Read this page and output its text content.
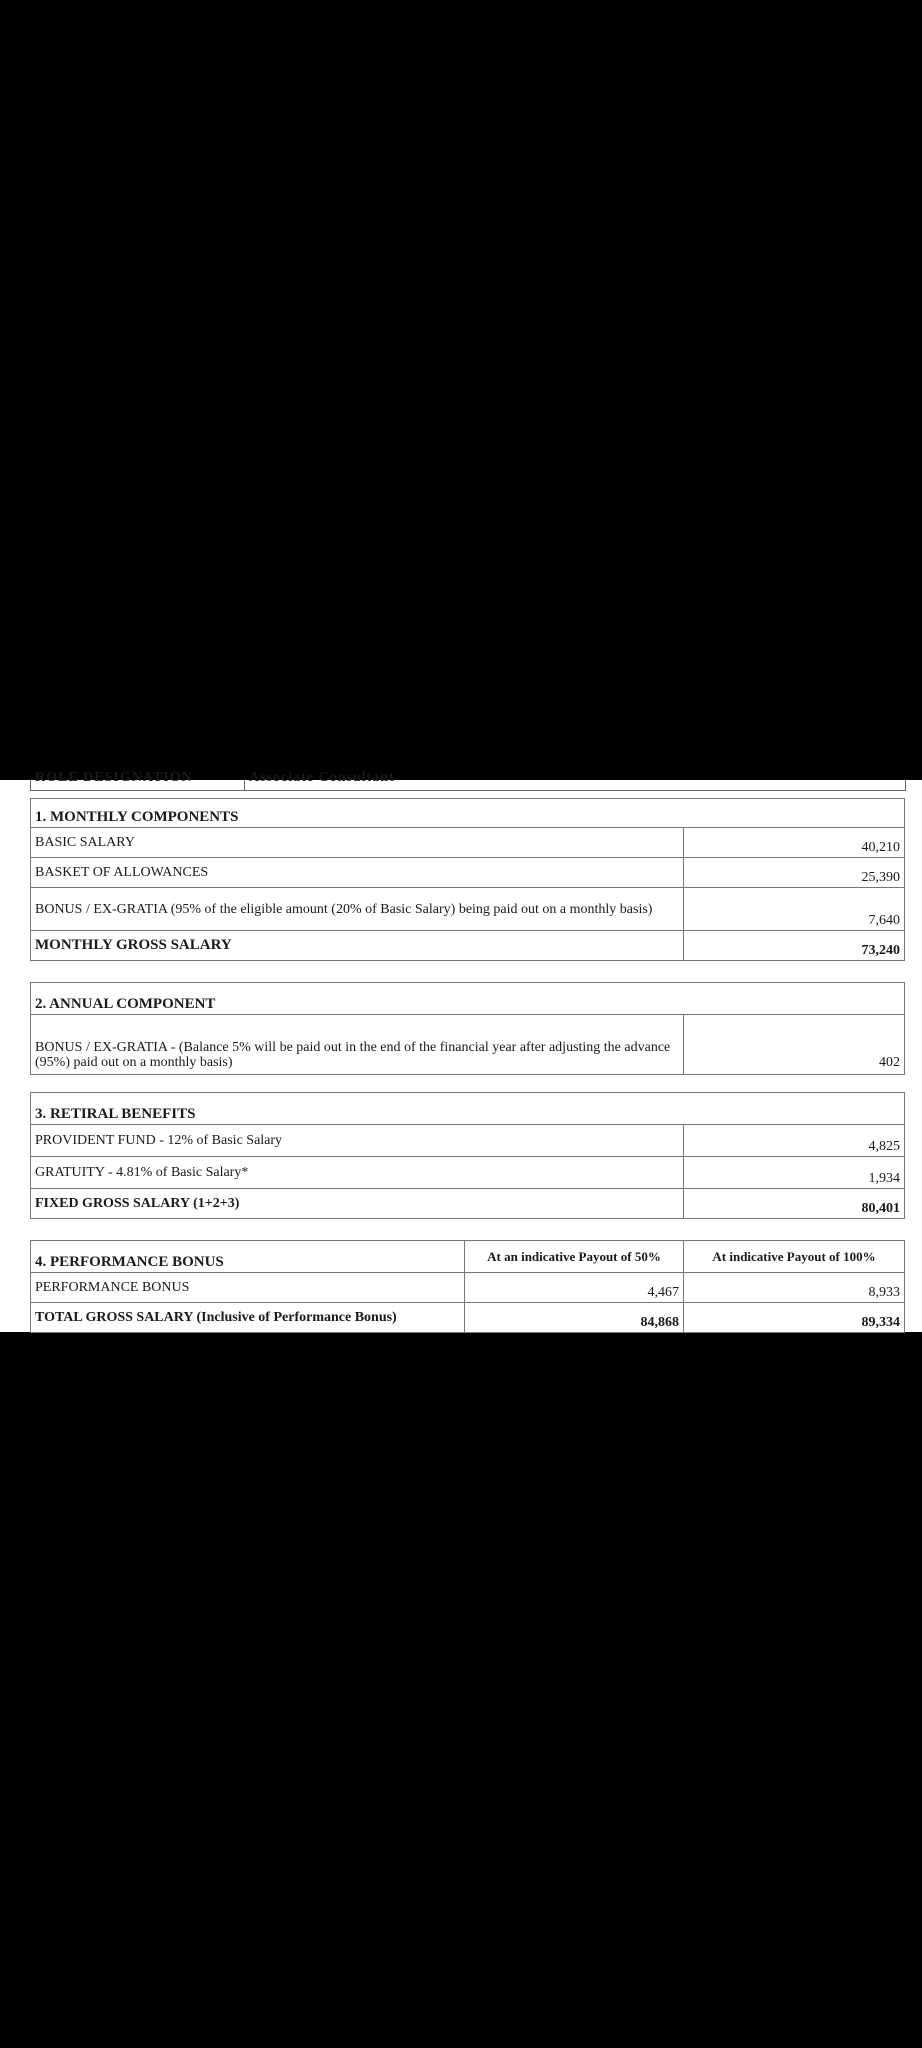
ROLE DESIGNATION	Associate Consultant
1. MONTHLY COMPONENTS	
BASIC SALARY	40,210
BASKET OF ALLOWANCES	25,390
BONUS / EX-GRATIA (95% of the eligible amount (20% of Basic Salary) being paid out on a monthly basis)	7,640
MONTHLY GROSS SALARY	73,240
2. ANNUAL COMPONENT
BONUS / EX-GRATIA - (Balance 5% will be paid out in the end of the financial year after adjusting the advance (95%) paid out on a monthly basis)	402
3. RETIRAL BENEFITS	
PROVIDENT FUND - 12% of Basic Salary	4,825
GRATUITY - 4.81% of Basic Salary*	1,934
FIXED GROSS SALARY (1+2+3)	80,401
4. PERFORMANCE BONUS	At an indicative Payout of 50%	At indicative Payout of 100%
PERFORMANCE BONUS	4,467	8,933
TOTAL GROSS SALARY (Inclusive of Performance Bonus)	84,868	89,334
